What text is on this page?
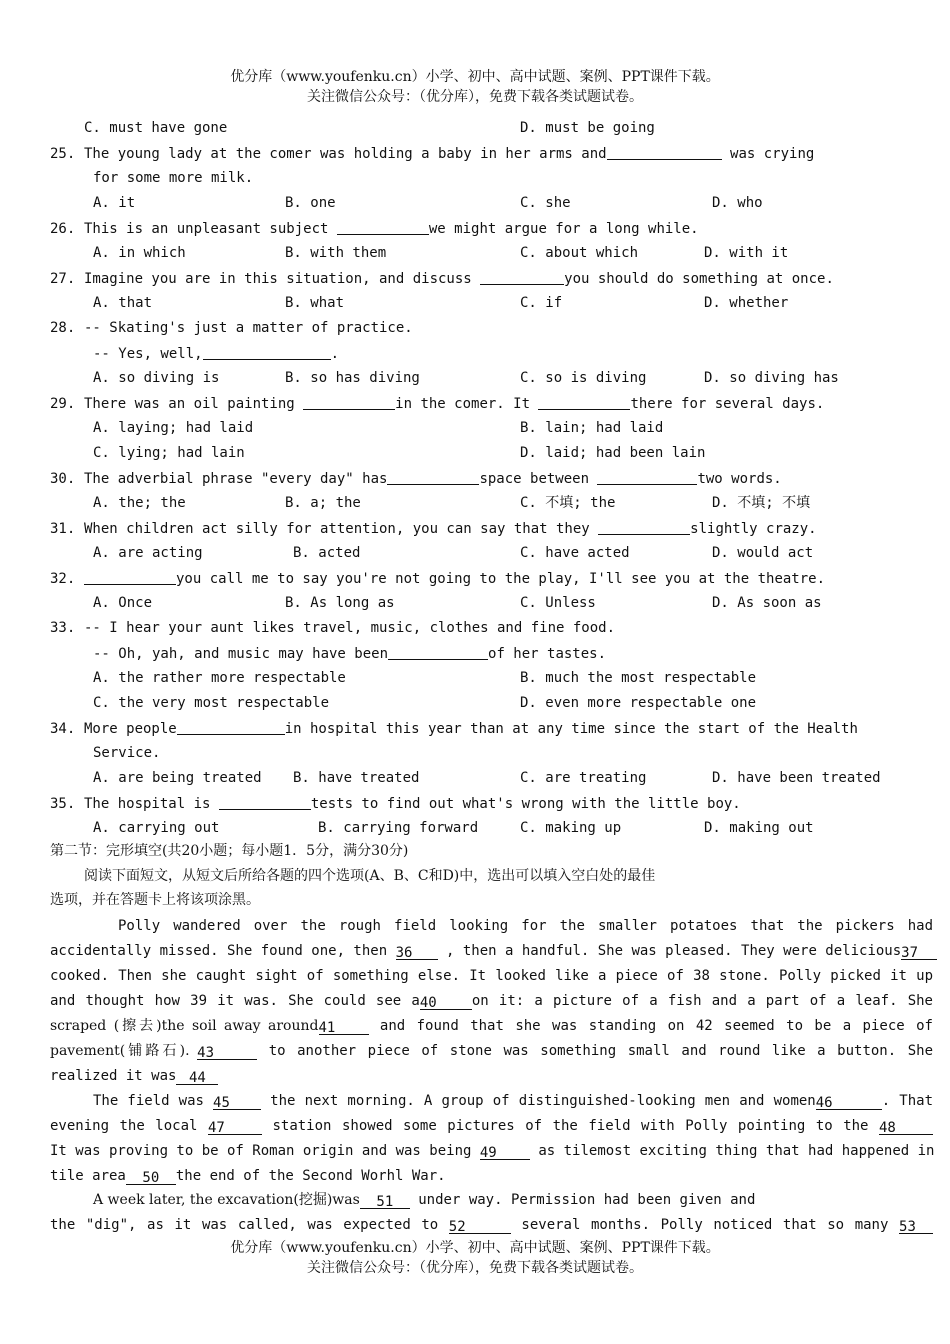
优分库（www.youfenku.cn）小学、初中、高中试题、案例、PPT课件下载。
关注微信公众号：（优分库），免费下载各类试题试卷。
C. must have gone	D. must be going
25. The young lady at the comer was holding a baby in her arms and	was crying
for some more milk.
A. it	B. one	C. she	D. who
26. This is an unpleasant subject	we might argue for a long while.
A. in which	B. with them	C. about which	D. with it
27. Imagine you are in this situation, and discuss	you should do something at once.
A. that	B. what	C. if	D. whether
28. -- Skating's just a matter of practice.
-- Yes, well,	.
A. so diving is	B. so has diving	C. so is diving	D. so diving has
29. There was an oil painting	in the comer. It	there for several days.
A. laying; had laid	B. lain; had laid
C. lying; had lain	D. laid; had been lain
30. The adverbial phrase "every day" has	space between	two words.
A. the; the	B. a; the	C. 不填; the	D. 不填; 不填
31. When children act silly for attention, you can say that they	slightly crazy.
A. are acting	B. acted	C. have acted	D. would act
32.	you call me to say you're not going to the play, I'll see you at the theatre.
A. Once	B. As long as	C. Unless	D. As soon as
33. -- I hear your aunt likes travel, music, clothes and fine food.
-- Oh, yah, and music may have been	of her tastes.
A. the rather more respectable	B. much the most respectable
C. the very most respectable	D. even more respectable one
34. More people	in hospital this year than at any time since the start of the Health
Service.
A. are being treated B. have treated	C. are treating	D. have been treated
35. The hospital is	tests to find out what's wrong with the little boy.
A. carrying out	B. carrying forward	C. making up	D. making out
第二节：完形填空(共20小题；每小题1．5分，满分30分)
阅读下面短文，从短文后所给各题的四个选项(A、B、C和D)中，选出可以填入空白处的最佳
选项，并在答题卡上将该项涂黑。
Polly wandered over the rough field looking for the smaller potatoes that the pickers had
accidentally missed. She found one, then 36 , then a handful. She was pleased. They were delicious37
cooked. Then she caught sight of something else. It looked like a piece of 38 stone. Polly picked it up
and thought how 39 it was. She could see a40	on it: a picture of a fish and a part of a leaf. She
scraped (擦去)the soil away around41	and found that she was standing on 42 seemed to be a piece of
pavement(铺路石). 43	to another piece of stone was something small and round like a button. She
realized it was 44
The field was 45	the next morning. A group of distinguished-looking men and women46	. That
evening the local 47	station showed some pictures of the field with Polly pointing to the 48
It was proving to be of Roman origin and was being 49	as tilemost exciting thing that had happened in
tile area 50 the end of the Second Worhl War.
A week later, the excavation(挖掘)was 51 under way. Permission had been given and
the "dig", as it was called, was expected to 52	several months. Polly noticed that so many 53
优分库（www.youfenku.cn）小学、初中、高中试题、案例、PPT课件下载。
关注微信公众号：（优分库），免费下载各类试题试卷。
